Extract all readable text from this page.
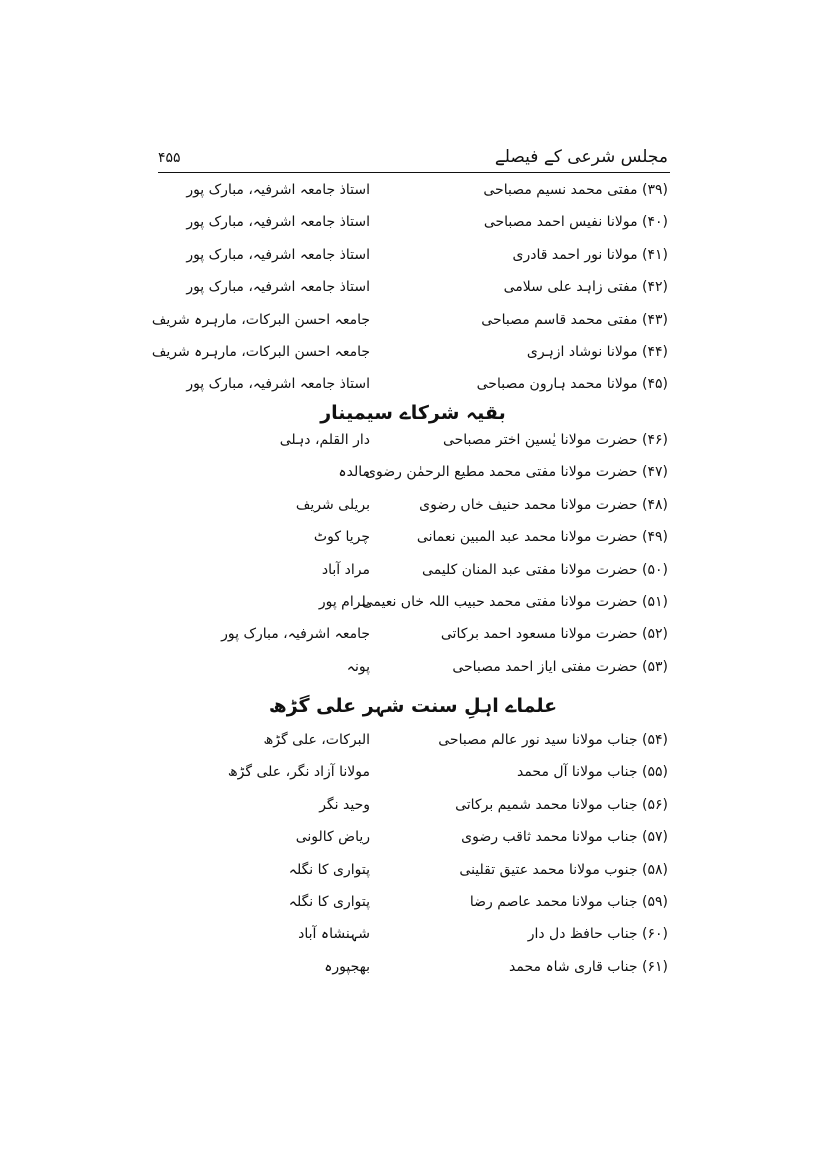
مجلس شرعی کے فیصلے
۴۵۵
(۳۹) مفتی محمد نسیم مصباحی
استاذ جامعہ اشرفیہ، مبارک پور
(۴۰) مولانا نفیس احمد مصباحی
استاذ جامعہ اشرفیہ، مبارک پور
(۴۱) مولانا نور احمد قادری
استاذ جامعہ اشرفیہ، مبارک پور
(۴۲) مفتی زاہد علی سلامی
استاذ جامعہ اشرفیہ، مبارک پور
(۴۳) مفتی محمد قاسم مصباحی
جامعہ احسن البرکات، مارہرہ شریف
(۴۴) مولانا نوشاد ازہری
جامعہ احسن البرکات، مارہرہ شریف
(۴۵) مولانا محمد ہارون مصباحی
استاذ جامعہ اشرفیہ، مبارک پور
بقیہ شرکاے سیمینار
(۴۶) حضرت مولانا یٰسین اختر مصباحی
دار القلم، دہلی
(۴۷) حضرت مولانا مفتی محمد مطیع الرحمٰن رضوی
مالدہ
(۴۸) حضرت مولانا محمد حنیف خاں رضوی
بریلی شریف
(۴۹) حضرت مولانا محمد عبد المبین نعمانی
چریا کوٹ
(۵۰) حضرت مولانا مفتی عبد المنان کلیمی
مراد آباد
(۵۱) حضرت مولانا مفتی محمد حبیب اللہ خاں نعیمی
بلرام پور
(۵۲) حضرت مولانا مسعود احمد برکاتی
جامعہ اشرفیہ، مبارک پور
(۵۳) حضرت مفتی ایاز احمد مصباحی
پونہ
علماے اہلِ سنت شہر علی گڑھ
(۵۴) جناب مولانا سید نور عالم مصباحی
البرکات، علی گڑھ
(۵۵) جناب مولانا آل محمد
مولانا آزاد نگر، علی گڑھ
(۵۶) جناب مولانا محمد شمیم برکاتی
وحید نگر
(۵۷) جناب مولانا محمد ثاقب رضوی
ریاض کالونی
(۵۸) جنوب مولانا محمد عتیق تقلینی
پتواری کا نگلہ
(۵۹) جناب مولانا محمد عاصم رضا
پتواری کا نگلہ
(۶۰) جناب حافظ دل دار
شہنشاہ آباد
(۶۱) جناب قاری شاہ محمد
بھجپورہ
